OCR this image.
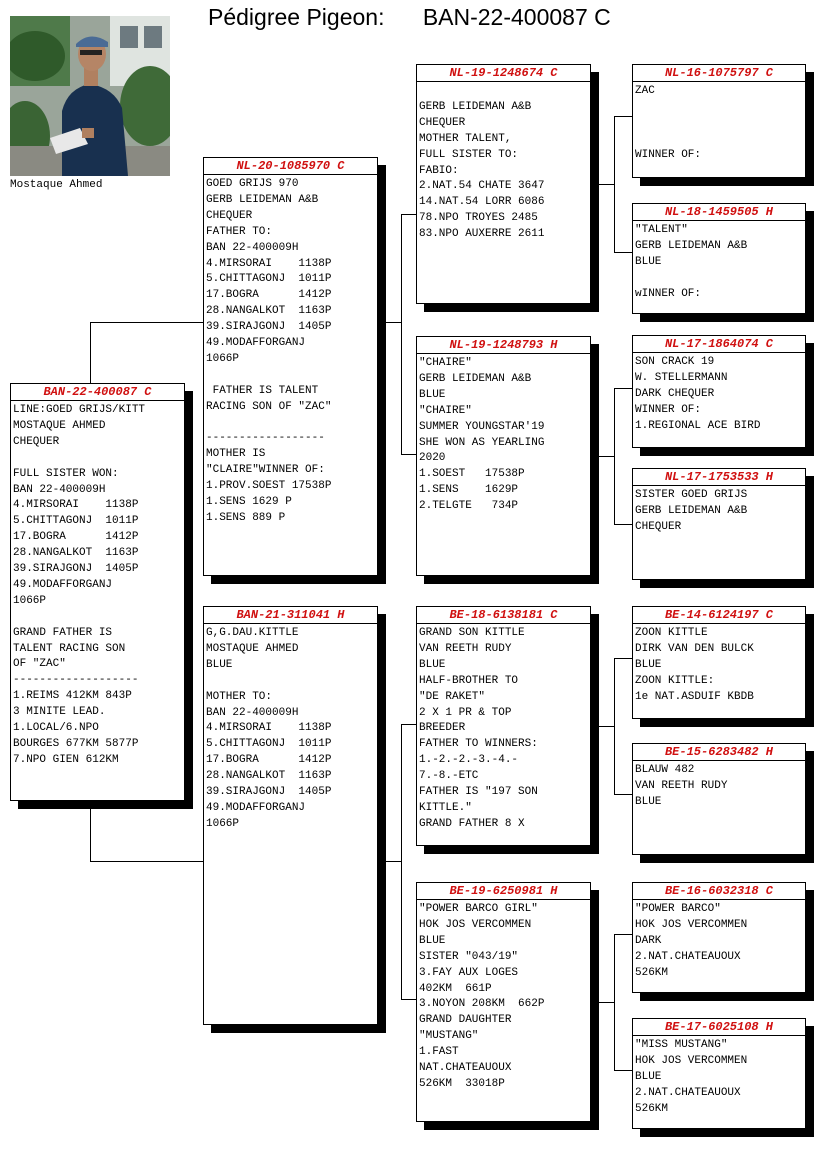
Pédigree Pigeon: BAN-22-400087 C
Mostaque Ahmed
BAN-22-400087 C
LINE:GOED GRIJS/KITT
MOSTAQUE AHMED
CHEQUER
FULL SISTER WON:
BAN 22-400009H
4.MIRSORAI    1138P
5.CHITTAGONJ  1011P
17.BOGRA      1412P
28.NANGALKOT  1163P
39.SIRAJGONJ  1405P
49.MODAFFORGANJ
1066P
GRAND FATHER IS
TALENT RACING SON
OF "ZAC"
-------------------
1.REIMS 412KM 843P
3 MINITE LEAD.
1.LOCAL/6.NPO
BOURGES 677KM 5877P
7.NPO GIEN 612KM
NL-20-1085970 C
GOED GRIJS 970
GERB LEIDEMAN A&B
CHEQUER
FATHER TO:
BAN 22-400009H
4.MIRSORAI    1138P
5.CHITTAGONJ  1011P
17.BOGRA      1412P
28.NANGALKOT  1163P
39.SIRAJGONJ  1405P
49.MODAFFORGANJ
1066P
FATHER IS TALENT
RACING SON OF "ZAC"
------------------
MOTHER IS
"CLAIRE"WINNER OF:
1.PROV.SOEST 17538P
1.SENS 1629 P
1.SENS 889 P
BAN-21-311041 H
G,G.DAU.KITTLE
MOSTAQUE AHMED
BLUE
MOTHER TO:
BAN 22-400009H
4.MIRSORAI    1138P
5.CHITTAGONJ  1011P
17.BOGRA      1412P
28.NANGALKOT  1163P
39.SIRAJGONJ  1405P
49.MODAFFORGANJ
1066P
NL-19-1248674 C
GERB LEIDEMAN A&B
CHEQUER
MOTHER TALENT,
FULL SISTER TO:
FABIO:
2.NAT.54 CHATE 3647
14.NAT.54 LORR 6086
78.NPO TROYES 2485
83.NPO AUXERRE 2611
NL-19-1248793 H
"CHAIRE"
GERB LEIDEMAN A&B
BLUE
"CHAIRE"
SUMMER YOUNGSTAR'19
SHE WON AS YEARLING
2020
1.SOEST   17538P
1.SENS    1629P
2.TELGTE   734P
BE-18-6138181 C
GRAND SON KITTLE
VAN REETH RUDY
BLUE
HALF-BROTHER TO
"DE RAKET"
2 X 1 PR & TOP
BREEDER
FATHER TO WINNERS:
1.-2.-2.-3.-4.-
7.-8.-ETC
FATHER IS "197 SON
KITTLE."
GRAND FATHER 8 X
BE-19-6250981 H
"POWER BARCO GIRL"
HOK JOS VERCOMMEN
BLUE
SISTER "043/19"
3.FAY AUX LOGES
402KM  661P
3.NOYON 208KM  662P
GRAND DAUGHTER
"MUSTANG"
1.FAST
NAT.CHATEAUOUX
526KM  33018P
NL-16-1075797 C
ZAC
WINNER OF:
NL-18-1459505 H
"TALENT"
GERB LEIDEMAN A&B
BLUE
wINNER OF:
NL-17-1864074 C
SON CRACK 19
W. STELLERMANN
DARK CHEQUER
WINNER OF:
1.REGIONAL ACE BIRD
NL-17-1753533 H
SISTER GOED GRIJS
GERB LEIDEMAN A&B
CHEQUER
BE-14-6124197 C
ZOON KITTLE
DIRK VAN DEN BULCK
BLUE
ZOON KITTLE:
1e NAT.ASDUIF KBDB
BE-15-6283482 H
BLAUW 482
VAN REETH RUDY
BLUE
BE-16-6032318 C
"POWER BARCO"
HOK JOS VERCOMMEN
DARK
2.NAT.CHATEAUOUX
526KM
BE-17-6025108 H
"MISS MUSTANG"
HOK JOS VERCOMMEN
BLUE
2.NAT.CHATEAUOUX
526KM
